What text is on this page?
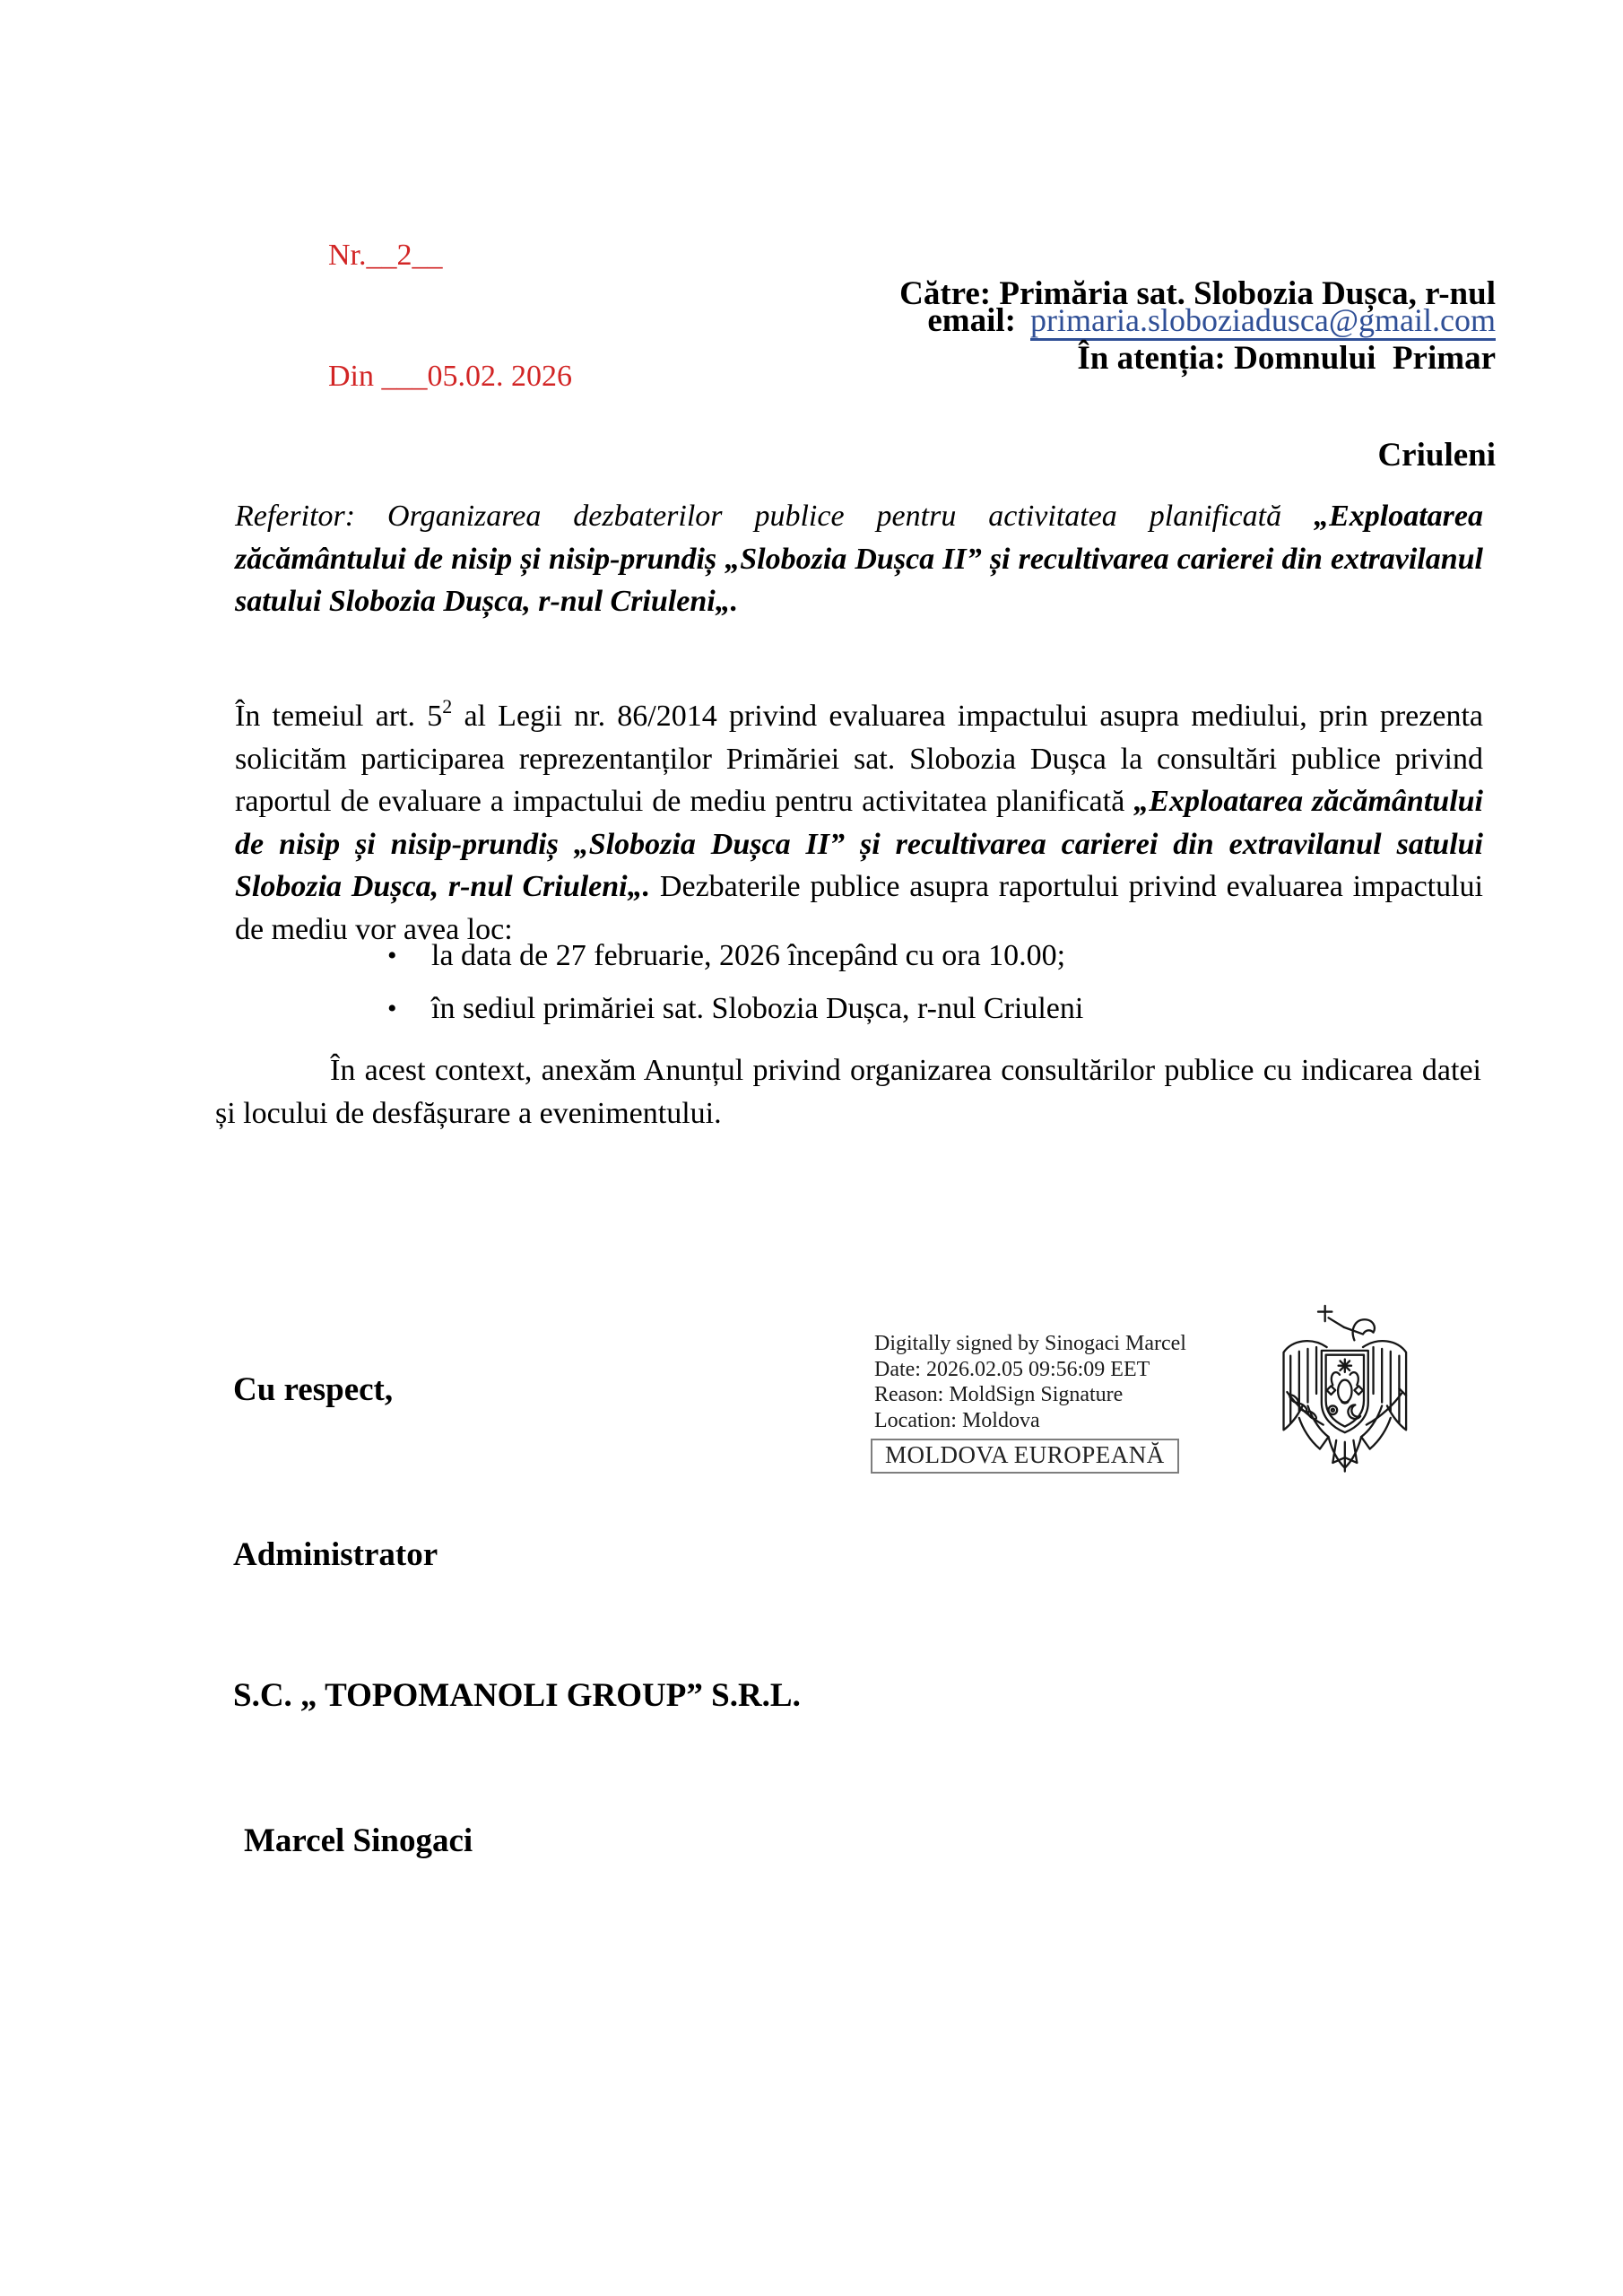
Nr.__2__

Din ___05.02. 2026

Către: Primăria sat. Slobozia Dușca, r-nul

Criuleni

email: primaria.sloboziadusca@gmail.com

În atenția: Domnului  Primar

Referitor: Organizarea dezbaterilor publice pentru activitatea planificată „Exploatarea zăcământului de nisip și nisip-prundiș „Slobozia Dușca II” și recultivarea carierei din extravilanul satului Slobozia Dușca, r-nul Criuleni„.

În temeiul art. $5^2$ al Legii nr. 86/2014 privind evaluarea impactului asupra mediului, prin prezenta solicităm participarea reprezentanților Primăriei sat. Slobozia Dușca la consultări publice privind raportul de evaluare a impactului de mediu pentru activitatea planificată „Exploatarea zăcământului de nisip și nisip-prundiș „Slobozia Dușca II” și recultivarea carierei din extravilanul satului Slobozia Dușca, r-nul Criuleni„. Dezbaterile publice asupra raportului privind evaluarea impactului de mediu vor avea loc:

•	la data de 27 februarie, 2026 începând cu ora 10.00;
•	în sediul primăriei sat. Slobozia Dușca, r-nul Criuleni

În acest context, anexăm Anunțul privind organizarea consultărilor publice cu indicarea datei și locului de desfășurare a evenimentului.

Cu respect,

Administrator

S.C. „ TOPOMANOLI GROUP” S.R.L.

Marcel Sinogaci

Digitally signed by Sinogaci Marcel
Date: 2026.02.05 09:56:09 EET
Reason: MoldSign Signature
Location: Moldova
MOLDOVA EUROPEANĂ
